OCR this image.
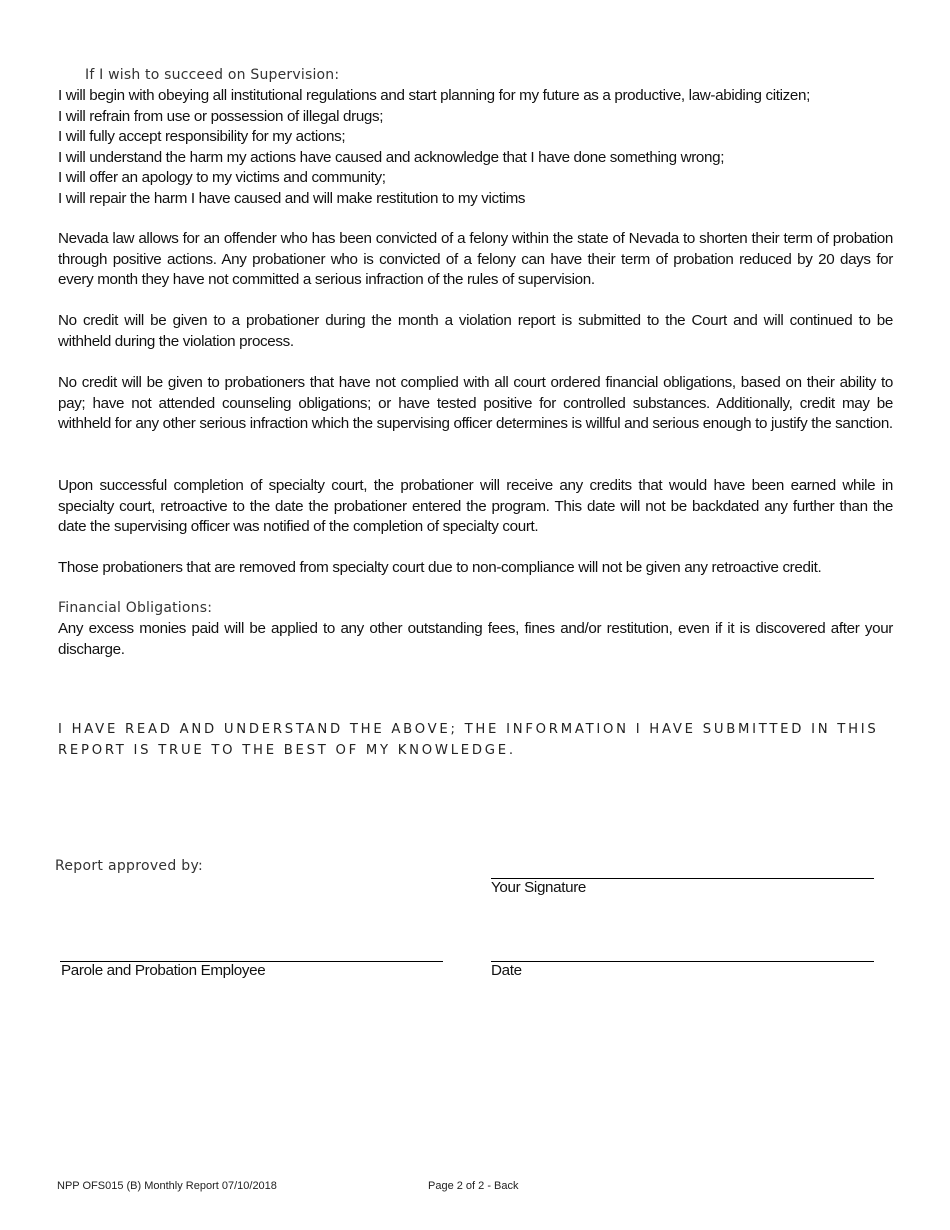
If I wish to succeed on Supervision:
I will begin with obeying all institutional regulations and start planning for my future as a productive, law-abiding citizen;
I will refrain from use or possession of illegal drugs;
I will fully accept responsibility for my actions;
I will understand the harm my actions have caused and acknowledge that I have done something wrong;
I will offer an apology to my victims and community;
I will repair the harm I have caused and will make restitution to my victims

Nevada law allows for an offender who has been convicted of a felony within the state of Nevada to shorten their term of probation through positive actions. Any probationer who is convicted of a felony can have their term of probation reduced by 20 days for every month they have not committed a serious infraction of the rules of supervision.

No credit will be given to a probationer during the month a violation report is submitted to the Court and will continued to be withheld during the violation process.

No credit will be given to probationers that have not complied with all court ordered financial obligations, based on their ability to pay; have not attended counseling obligations; or have tested positive for controlled substances. Additionally, credit may be withheld for any other serious infraction which the supervising officer determines is willful and serious enough to justify the sanction.

Upon successful completion of specialty court, the probationer will receive any credits that would have been earned while in specialty court, retroactive to the date the probationer entered the program. This date will not be backdated any further than the date the supervising officer was notified of the completion of specialty court.

Those probationers that are removed from specialty court due to non-compliance will not be given any retroactive credit.

Financial Obligations:

Any excess monies paid will be applied to any other outstanding fees, fines and/or restitution, even if it is discovered after your discharge.

I HAVE READ AND UNDERSTAND THE ABOVE; THE INFORMATION I HAVE SUBMITTED IN THIS REPORT IS TRUE TO THE BEST OF MY KNOWLEDGE.

Report approved by:
Your Signature
Parole and Probation Employee	Date
NPP OFS015 (B) Monthly Report 07/10/2018	Page 2 of 2 - Back
